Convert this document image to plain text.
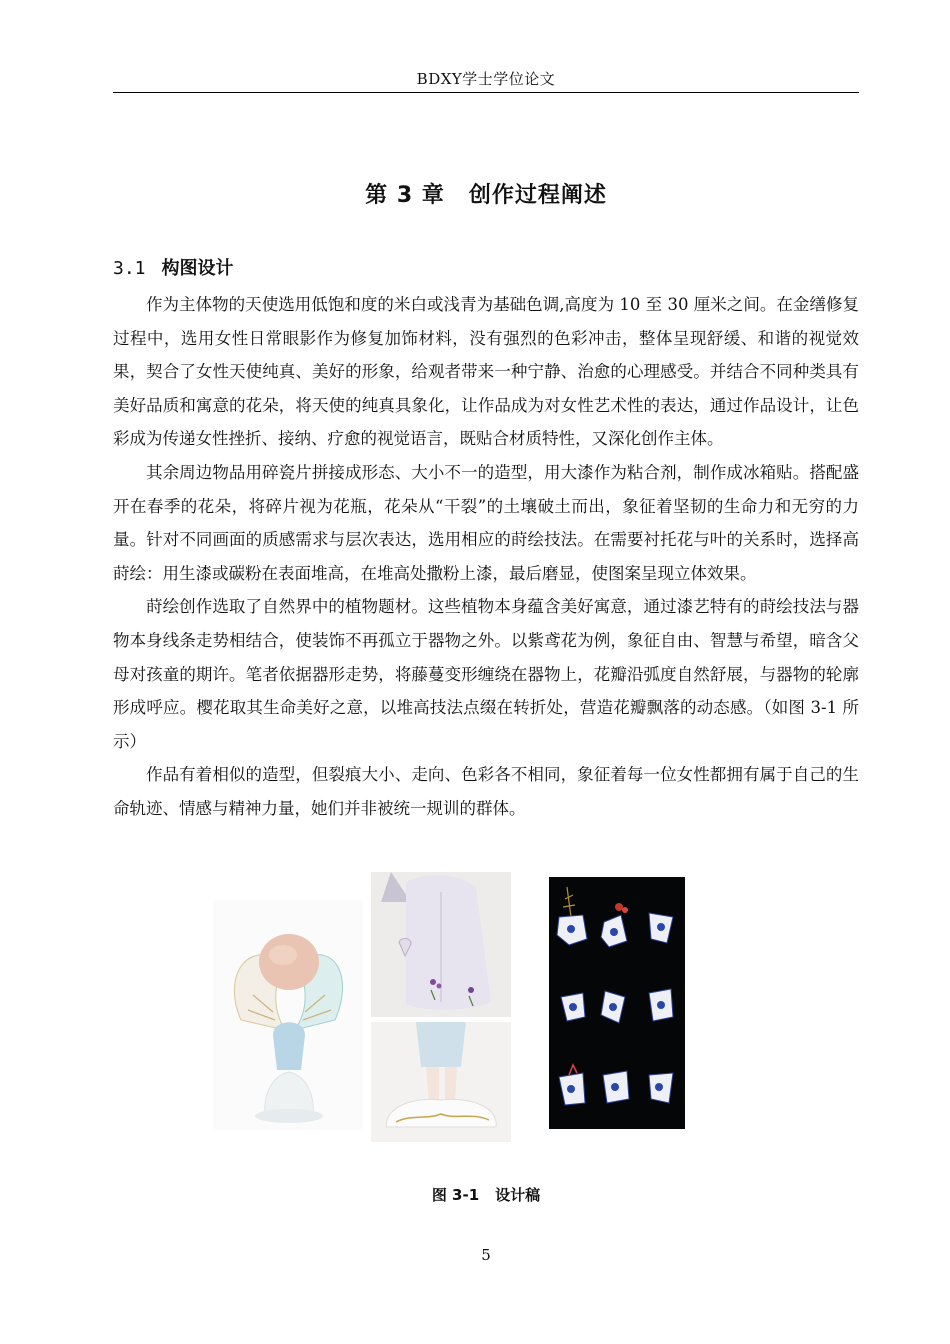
BDXY学士学位论文
第 3 章 创作过程阐述
3.1 构图设计

作为主体物的天使选用低饱和度的米白或浅青为基础色调,高度为 10 至 30 厘米之间。在金缮修复过程中，选用女性日常眼影作为修复加饰材料，没有强烈的色彩冲击，整体呈现舒缓、和谐的视觉效果，契合了女性天使纯真、美好的形象，给观者带来一种宁静、治愈的心理感受。并结合不同种类具有美好品质和寓意的花朵，将天使的纯真具象化，让作品成为对女性艺术性的表达，通过作品设计，让色彩成为传递女性挫折、接纳、疗愈的视觉语言，既贴合材质特性，又深化创作主体。

其余周边物品用碎瓷片拼接成形态、大小不一的造型，用大漆作为粘合剂，制作成冰箱贴。搭配盛开在春季的花朵，将碎片视为花瓶，花朵从“干裂”的土壤破土而出，象征着坚韧的生命力和无穷的力量。针对不同画面的质感需求与层次表达，选用相应的莳绘技法。在需要衬托花与叶的关系时，选择高莳绘：用生漆或碳粉在表面堆高，在堆高处撒粉上漆，最后磨显，使图案呈现立体效果。

莳绘创作选取了自然界中的植物题材。这些植物本身蕴含美好寓意，通过漆艺特有的莳绘技法与器物本身线条走势相结合，使装饰不再孤立于器物之外。以紫鸢花为例，象征自由、智慧与希望，暗含父母对孩童的期许。笔者依据器形走势，将藤蔓变形缠绕在器物上，花瓣沿弧度自然舒展，与器物的轮廓形成呼应。樱花取其生命美好之意，以堆高技法点缀在转折处，营造花瓣飘落的动态感。（如图 3-1 所示）

作品有着相似的造型，但裂痕大小、走向、色彩各不相同，象征着每一位女性都拥有属于自己的生命轨迹、情感与精神力量，她们并非被统一规训的群体。

图 3-1 设计稿
5
